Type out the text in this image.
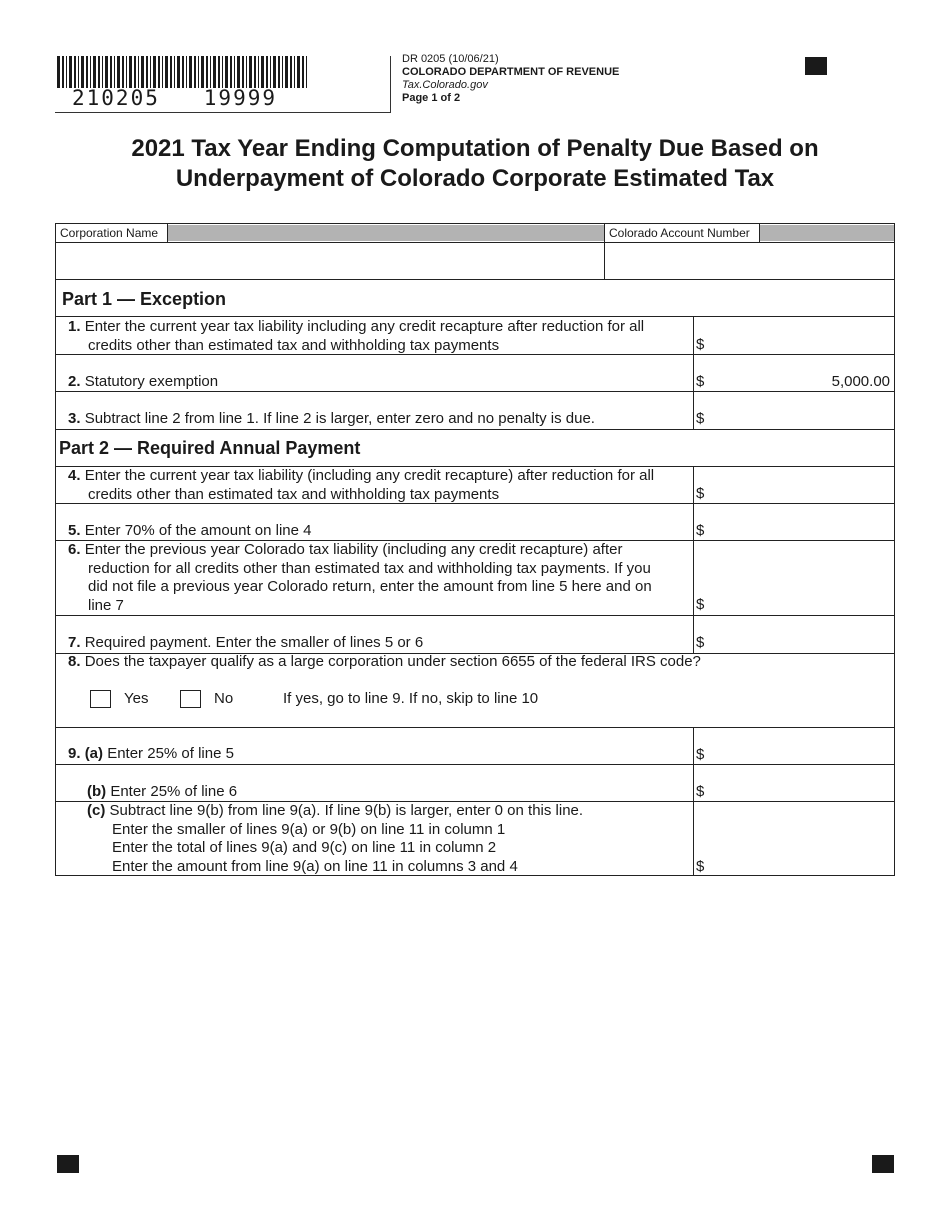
210205   19999
DR 0205 (10/06/21)
COLORADO DEPARTMENT OF REVENUE
Tax.Colorado.gov
Page 1 of 2
2021 Tax Year Ending Computation of Penalty Due Based on
Underpayment of Colorado Corporate Estimated Tax
Corporation Name	Colorado Account Number
Part 1 — Exception
1. Enter the current year tax liability including any credit recapture after reduction for all
credits other than estimated tax and withholding tax payments	$
2. Statutory exemption	$	5,000.00
3. Subtract line 2 from line 1. If line 2 is larger, enter zero and no penalty is due.	$
Part 2 — Required Annual Payment
4. Enter the current year tax liability (including any credit recapture) after reduction for all
credits other than estimated tax and withholding tax payments	$
5. Enter 70% of the amount on line 4	$
6. Enter the previous year Colorado tax liability (including any credit recapture) after
reduction for all credits other than estimated tax and withholding tax payments. If you
did not file a previous year Colorado return, enter the amount from line 5 here and on
line 7	$
7. Required payment. Enter the smaller of lines 5 or 6	$
8. Does the taxpayer qualify as a large corporation under section 6655 of the federal IRS code?
Yes	No	If yes, go to line 9. If no, skip to line 10
9. (a) Enter 25% of line 5	$
(b) Enter 25% of line 6	$
(c) Subtract line 9(b) from line 9(a). If line 9(b) is larger, enter 0 on this line.
Enter the smaller of lines 9(a) or 9(b) on line 11 in column 1
Enter the total of lines 9(a) and 9(c) on line 11 in column 2
Enter the amount from line 9(a) on line 11 in columns 3 and 4	$
